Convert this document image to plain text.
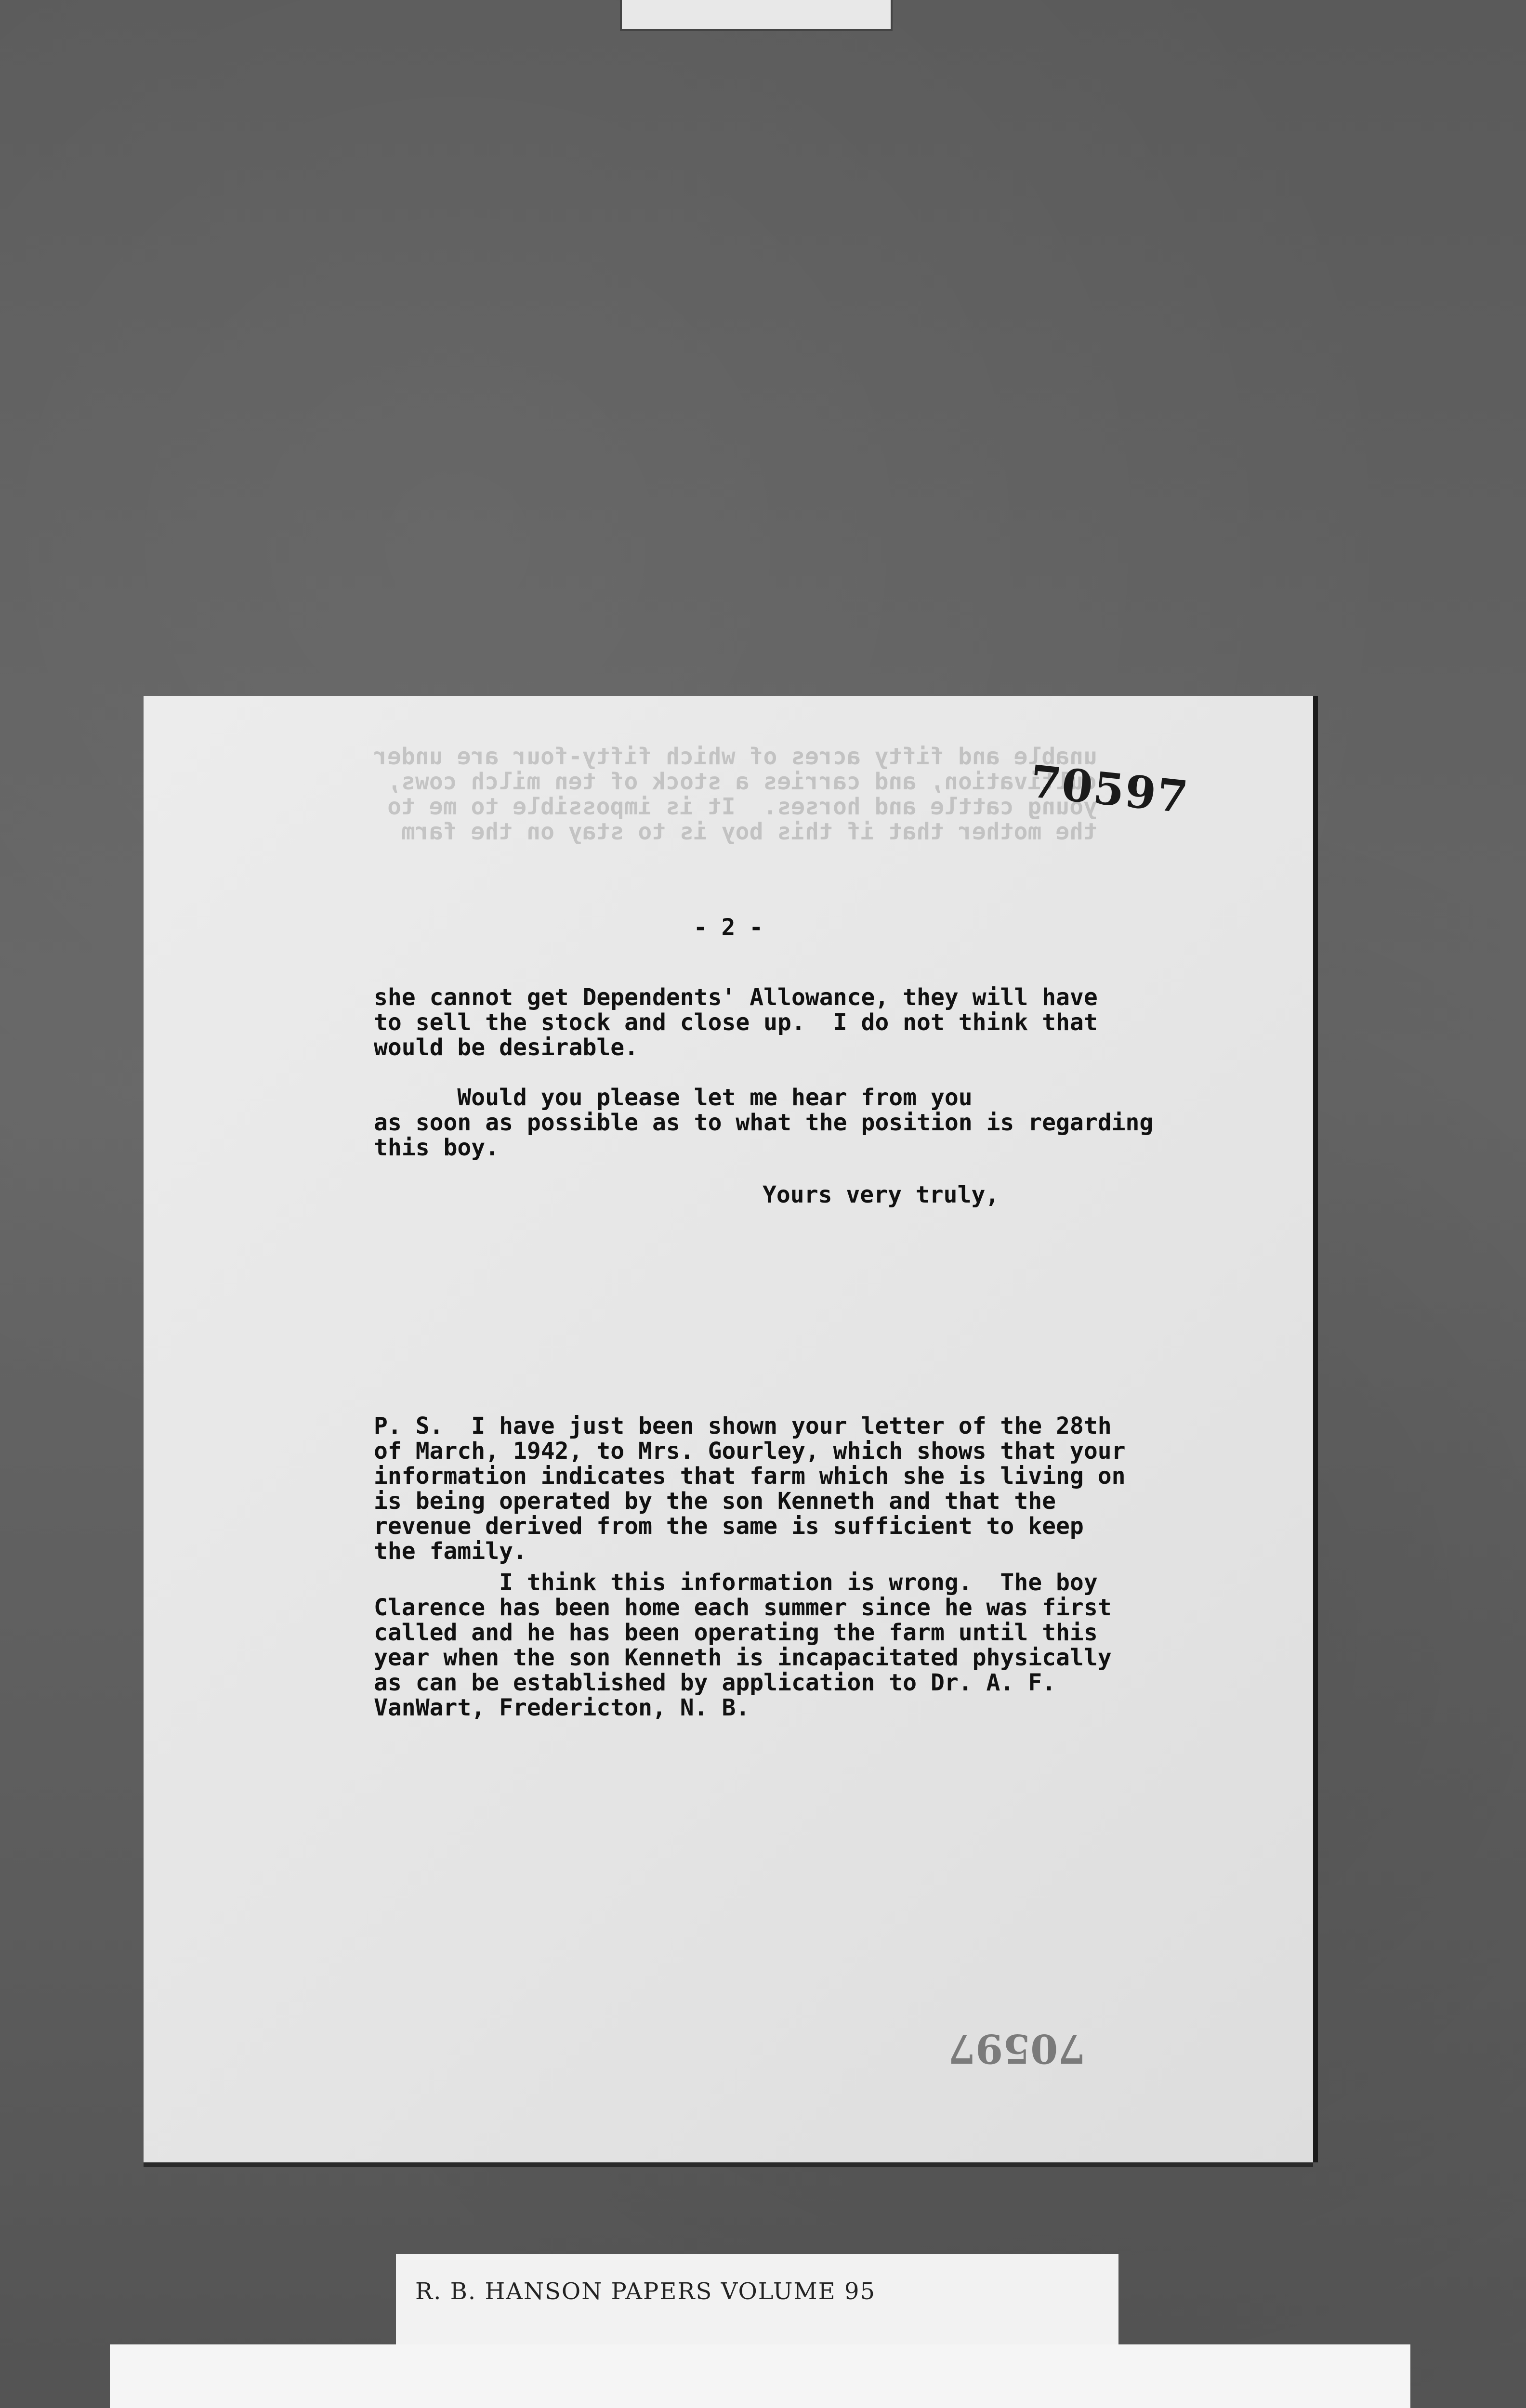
unable and fifty acres of which fifty-four are under
cultivation, and carries a stock of ten milch cows,
young cattle and horses.  It is impossible to me to
the mother that if this boy is to stay on the farm
70597
- 2 -
she cannot get Dependents' Allowance, they will have
to sell the stock and close up.  I do not think that
would be desirable.
Would you please let me hear from you
as soon as possible as to what the position is regarding
this boy.
Yours very truly,
P. S.  I have just been shown your letter of the 28th
of March, 1942, to Mrs. Gourley, which shows that your
information indicates that farm which she is living on
is being operated by the son Kenneth and that the
revenue derived from the same is sufficient to keep
the family.
I think this information is wrong.  The boy
Clarence has been home each summer since he was first
called and he has been operating the farm until this
year when the son Kenneth is incapacitated physically
as can be established by application to Dr. A. F.
VanWart, Fredericton, N. B.
70597
R. B. HANSON PAPERS VOLUME 95
